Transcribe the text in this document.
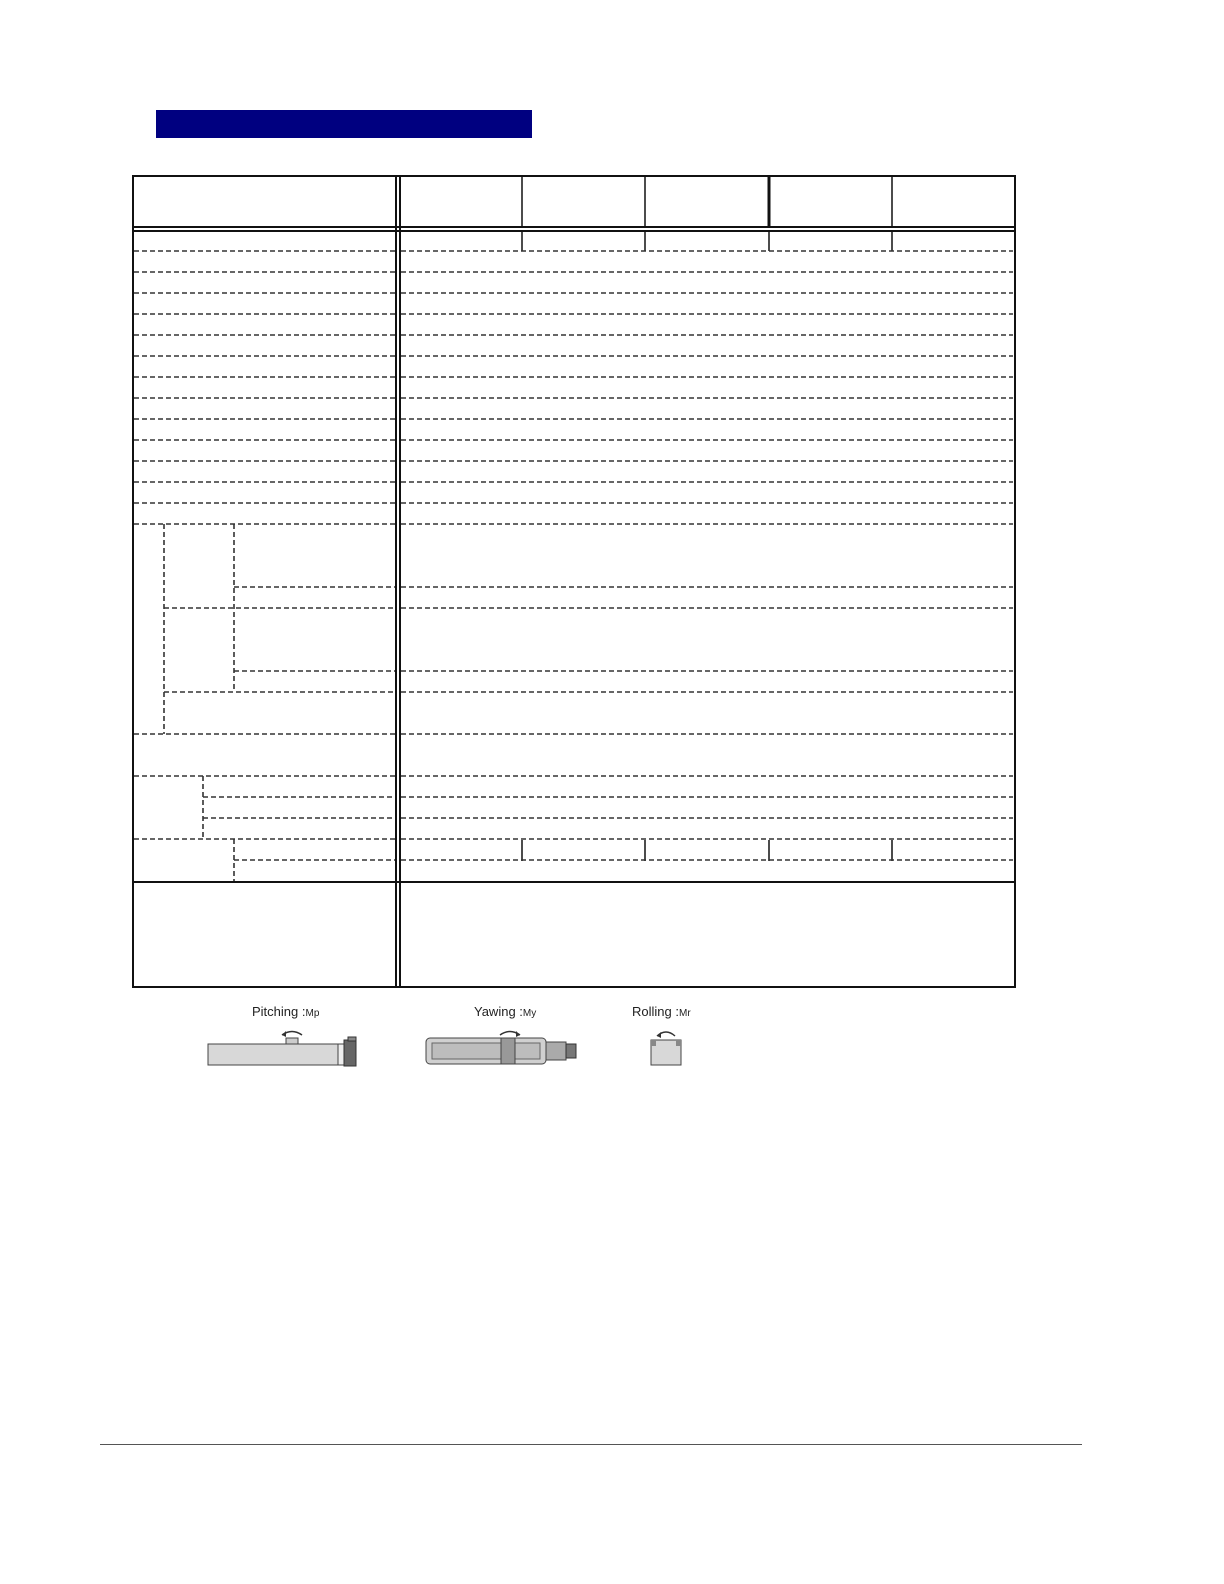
Pitching :Mp	Yawing :My	Rolling :Mr
